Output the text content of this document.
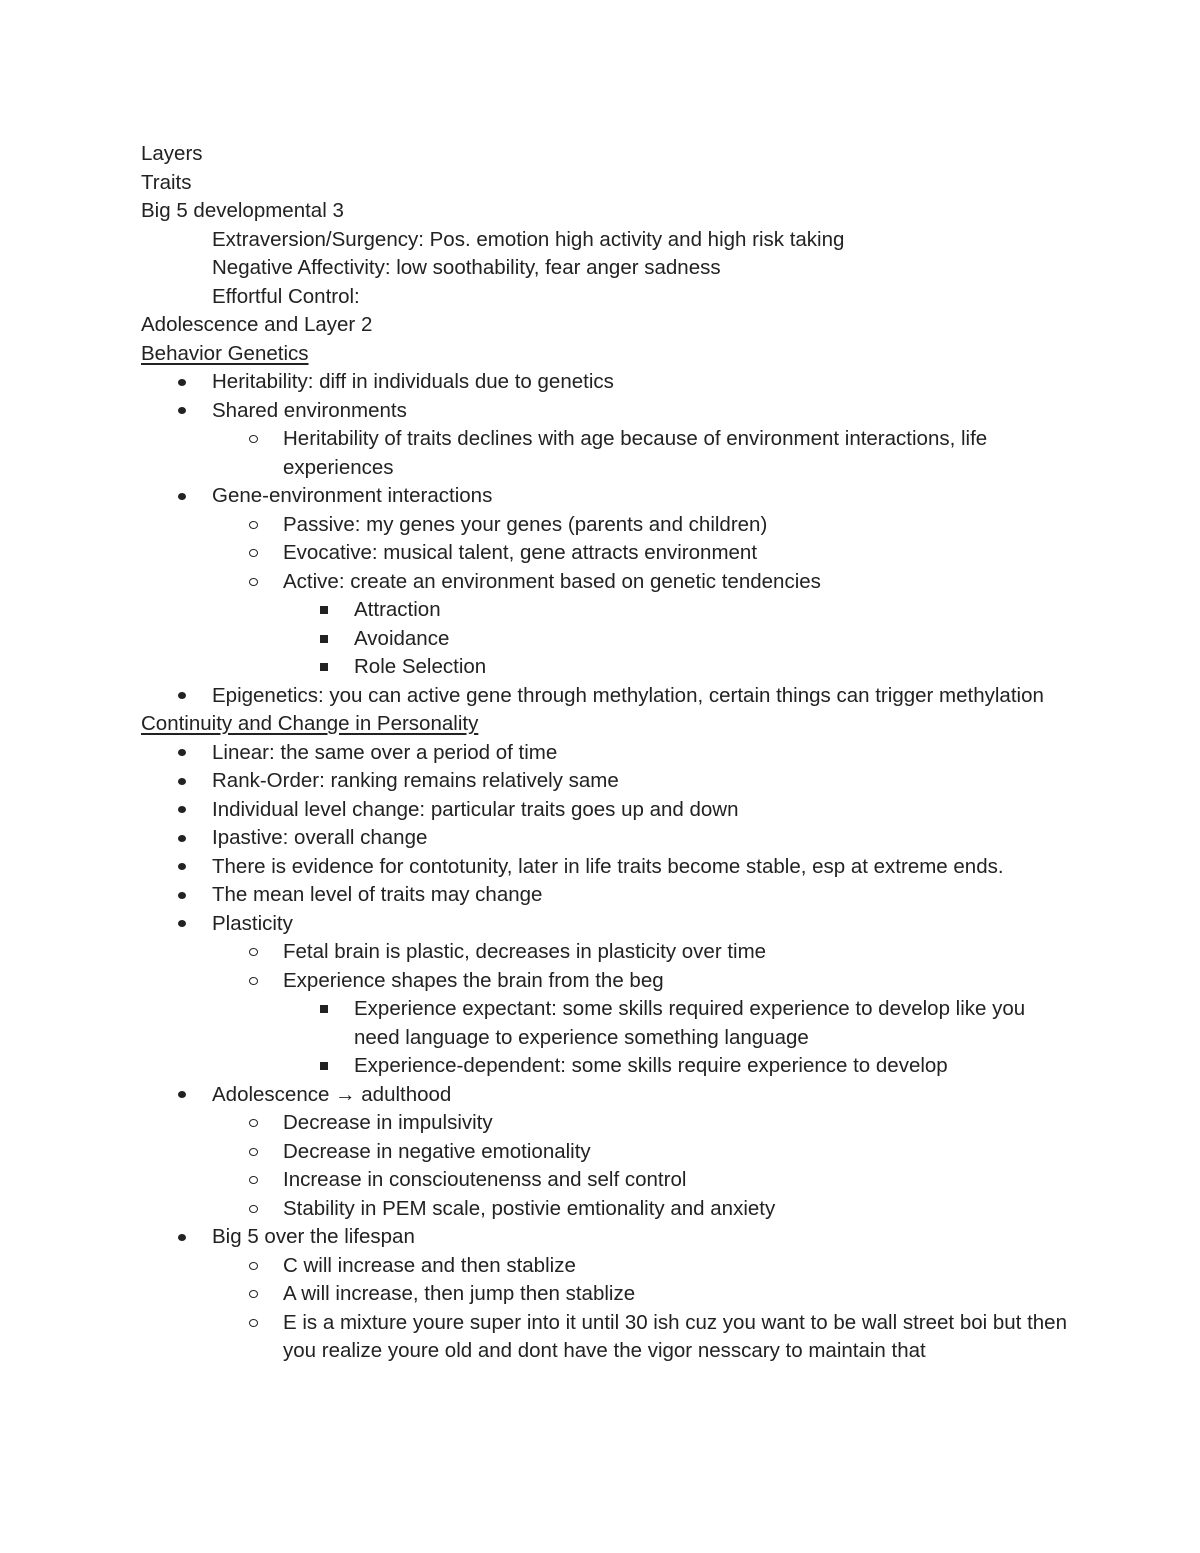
Layers

Traits

Big 5 developmental 3

Extraversion/Surgency: Pos. emotion high activity and high risk taking

Negative Affectivity: low soothability, fear anger sadness

Effortful Control:

Adolescence and Layer 2

Behavior Genetics

Heritability: diff in individuals due to genetics
Shared environments
Heritability of traits declines with age because of environment interactions, life experiences
Gene-environment interactions
Passive: my genes your genes (parents and children)
Evocative: musical talent, gene attracts environment
Active: create an environment based on genetic tendencies
Attraction
Avoidance
Role Selection
Epigenetics: you can active gene through methylation, certain things can trigger methylation

Continuity and Change in Personality

Linear: the same over a period of time
Rank-Order: ranking remains relatively same
Individual level change: particular traits goes up and down
Ipastive: overall change
There is evidence for contotunity, later in life traits become stable, esp at extreme ends.
The mean level of traits may change
Plasticity
Fetal brain is plastic, decreases in plasticity over time
Experience shapes the brain from the beg
Experience expectant: some skills required experience to develop like you need language to experience something language
Experience-dependent: some skills require experience to develop
Adolescence → adulthood
Decrease in impulsivity
Decrease in negative emotionality
Increase in conscioutenenss and self control
Stability in PEM scale, postivie emtionality and anxiety
Big 5 over the lifespan
C will increase and then stablize
A will increase, then jump then stablize
E is a mixture youre super into it until 30 ish cuz you want to be wall street boi but then you realize youre old and dont have the vigor nesscary to maintain that
